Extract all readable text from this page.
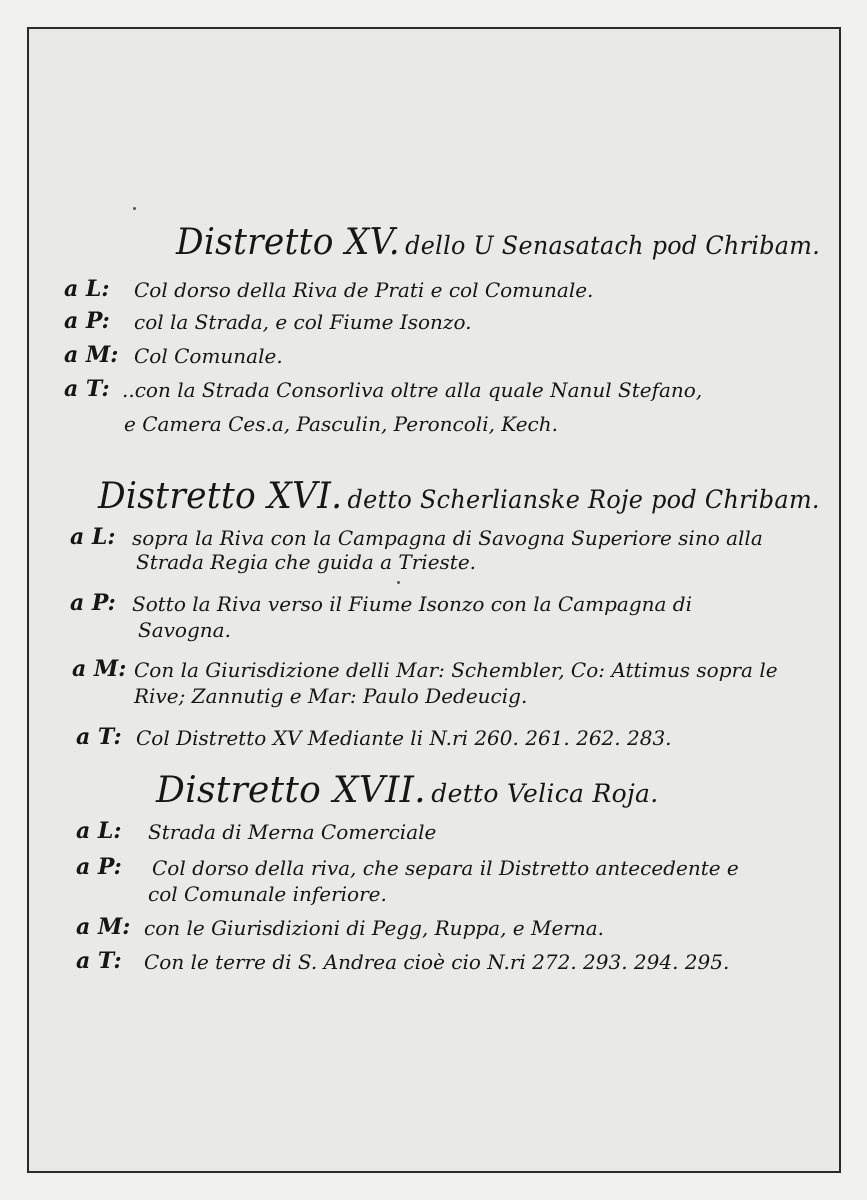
Distretto XV. dello U Senasatach pod Chribam.
a L: Col dorso della Riva de Prati e col Comunale.
a P: col la Strada, e col Fiume Isonzo.
a M: Col Comunale.
a T: ..con la Strada Consorliva oltre alla quale Nanul Stefano,
e Camera Ces.a, Pasculin, Peroncoli, Kech.
Distretto XVI. detto Scherlianske Roje pod Chribam.
a L: sopra la Riva con la Campagna di Savogna Superiore sino alla
Strada Regia che guida a Trieste.
a P: Sotto la Riva verso il Fiume Isonzo con la Campagna di
Savogna.
a M: Con la Giurisdizione delli Mar: Schembler, Co: Attimus sopra le
Rive; Zannutig e Mar: Paulo Dedeucig.
a T: Col Distretto XV Mediante li N.ri 260. 261. 262. 283.
Distretto XVII. detto Velica Roja.
a L: Strada di Merna Comerciale
a P: Col dorso della riva, che separa il Distretto antecedente e
col Comunale inferiore.
a M: con le Giurisdizioni di Pegg, Ruppa, e Merna.
a T: Con le terre di S. Andrea cioè cio N.ri 272. 293. 294. 295.
